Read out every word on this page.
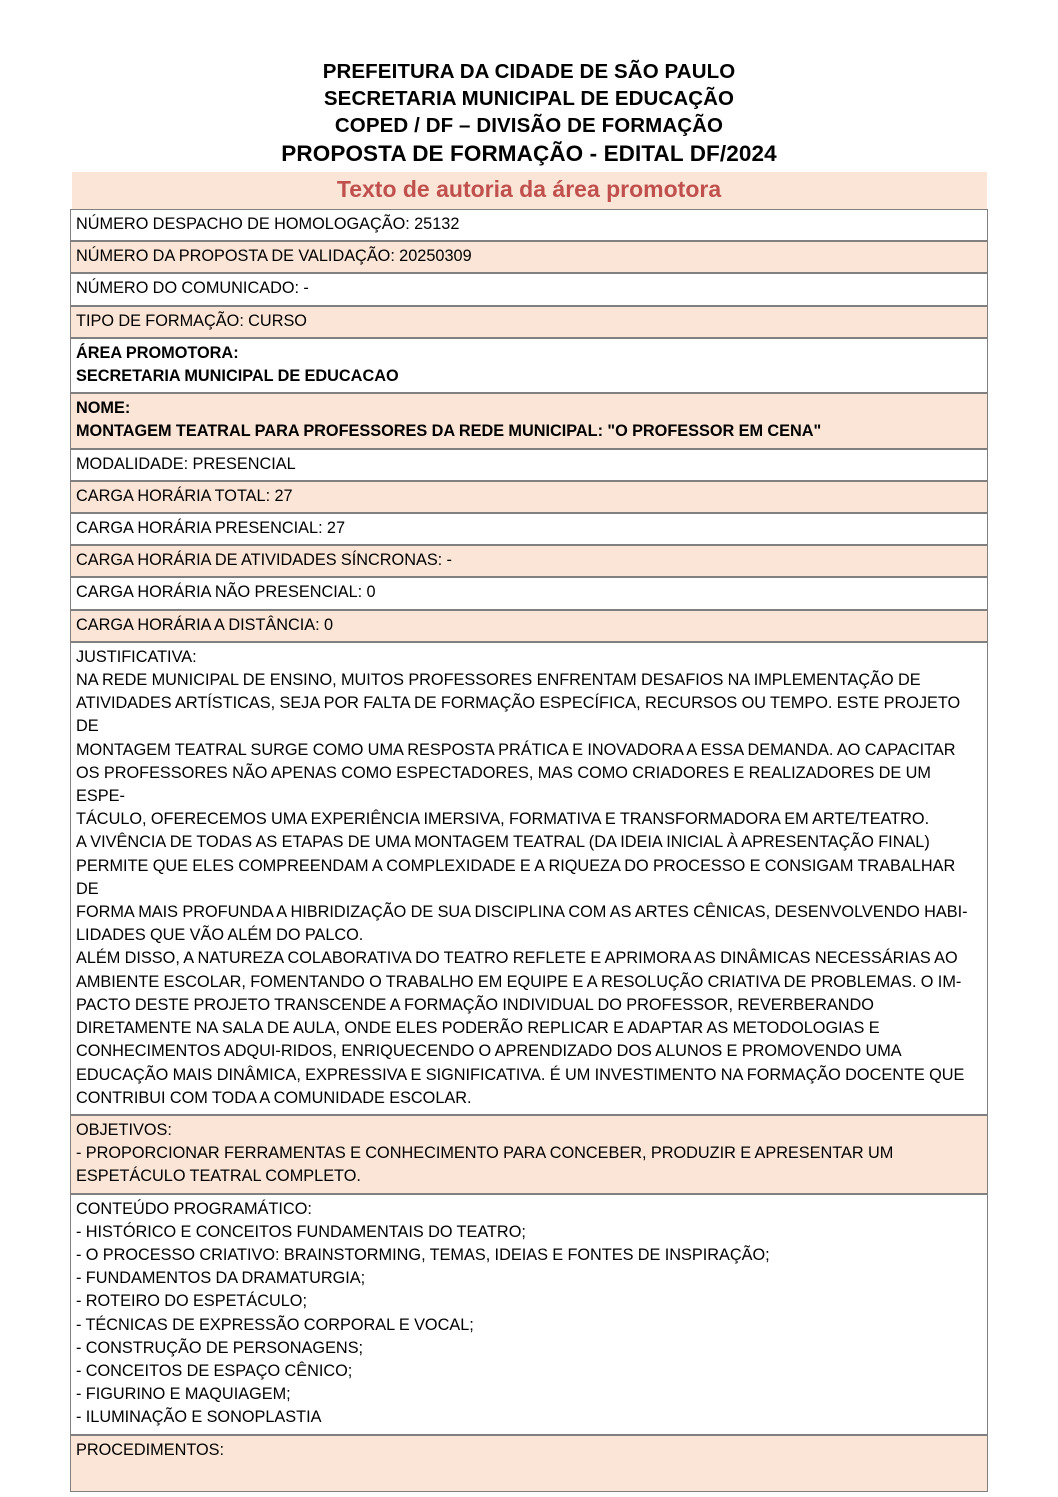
PREFEITURA DA CIDADE DE SÃO PAULO
SECRETARIA MUNICIPAL DE EDUCAÇÃO
COPED / DF – DIVISÃO DE FORMAÇÃO
PROPOSTA DE FORMAÇÃO - EDITAL DF/2024
Texto de autoria da área promotora
NÚMERO DESPACHO DE HOMOLOGAÇÃO: 25132
NÚMERO DA PROPOSTA DE VALIDAÇÃO: 20250309
NÚMERO DO COMUNICADO: -
TIPO DE FORMAÇÃO: CURSO

ÁREA PROMOTORA:
SECRETARIA MUNICIPAL DE EDUCACAO

NOME:
MONTAGEM TEATRAL PARA PROFESSORES DA REDE MUNICIPAL: "O PROFESSOR EM CENA"

MODALIDADE: PRESENCIAL
CARGA HORÁRIA TOTAL: 27
CARGA HORÁRIA PRESENCIAL: 27
CARGA HORÁRIA DE ATIVIDADES SÍNCRONAS: -
CARGA HORÁRIA NÃO PRESENCIAL: 0
CARGA HORÁRIA A DISTÂNCIA: 0

JUSTIFICATIVA:
NA REDE MUNICIPAL DE ENSINO, MUITOS PROFESSORES ENFRENTAM DESAFIOS NA IMPLEMENTAÇÃO DE
ATIVIDADES ARTÍSTICAS, SEJA POR FALTA DE FORMAÇÃO ESPECÍFICA, RECURSOS OU TEMPO. ESTE PROJETO DE
MONTAGEM TEATRAL SURGE COMO UMA RESPOSTA PRÁTICA E INOVADORA A ESSA DEMANDA. AO CAPACITAR
OS PROFESSORES NÃO APENAS COMO ESPECTADORES, MAS COMO CRIADORES E REALIZADORES DE UM ESPE-
TÁCULO, OFERECEMOS UMA EXPERIÊNCIA IMERSIVA, FORMATIVA E TRANSFORMADORA EM ARTE/TEATRO.
A VIVÊNCIA DE TODAS AS ETAPAS DE UMA MONTAGEM TEATRAL (DA IDEIA INICIAL À APRESENTAÇÃO FINAL)
PERMITE QUE ELES COMPREENDAM A COMPLEXIDADE E A RIQUEZA DO PROCESSO E CONSIGAM TRABALHAR DE
FORMA MAIS PROFUNDA A HIBRIDIZAÇÃO DE SUA DISCIPLINA COM AS ARTES CÊNICAS, DESENVOLVENDO HABI-
LIDADES QUE VÃO ALÉM DO PALCO.
ALÉM DISSO, A NATUREZA COLABORATIVA DO TEATRO REFLETE E APRIMORA AS DINÂMICAS NECESSÁRIAS AO
AMBIENTE ESCOLAR, FOMENTANDO O TRABALHO EM EQUIPE E A RESOLUÇÃO CRIATIVA DE PROBLEMAS. O IM-
PACTO DESTE PROJETO TRANSCENDE A FORMAÇÃO INDIVIDUAL DO PROFESSOR, REVERBERANDO
DIRETAMENTE NA SALA DE AULA, ONDE ELES PODERÃO REPLICAR E ADAPTAR AS METODOLOGIAS E
CONHECIMENTOS ADQUI-RIDOS, ENRIQUECENDO O APRENDIZADO DOS ALUNOS E PROMOVENDO UMA
EDUCAÇÃO MAIS DINÂMICA, EXPRESSIVA E SIGNIFICATIVA. É UM INVESTIMENTO NA FORMAÇÃO DOCENTE QUE
CONTRIBUI COM TODA A COMUNIDADE ESCOLAR.

OBJETIVOS:
- PROPORCIONAR FERRAMENTAS E CONHECIMENTO PARA CONCEBER, PRODUZIR E APRESENTAR UM
ESPETÁCULO TEATRAL COMPLETO.

CONTEÚDO PROGRAMÁTICO:
- HISTÓRICO E CONCEITOS FUNDAMENTAIS DO TEATRO;
- O PROCESSO CRIATIVO: BRAINSTORMING, TEMAS, IDEIAS E FONTES DE INSPIRAÇÃO;
- FUNDAMENTOS DA DRAMATURGIA;
- ROTEIRO DO ESPETÁCULO;
- TÉCNICAS DE EXPRESSÃO CORPORAL E VOCAL;
- CONSTRUÇÃO DE PERSONAGENS;
- CONCEITOS DE ESPAÇO CÊNICO;
- FIGURINO E MAQUIAGEM;
- ILUMINAÇÃO E SONOPLASTIA

PROCEDIMENTOS:
